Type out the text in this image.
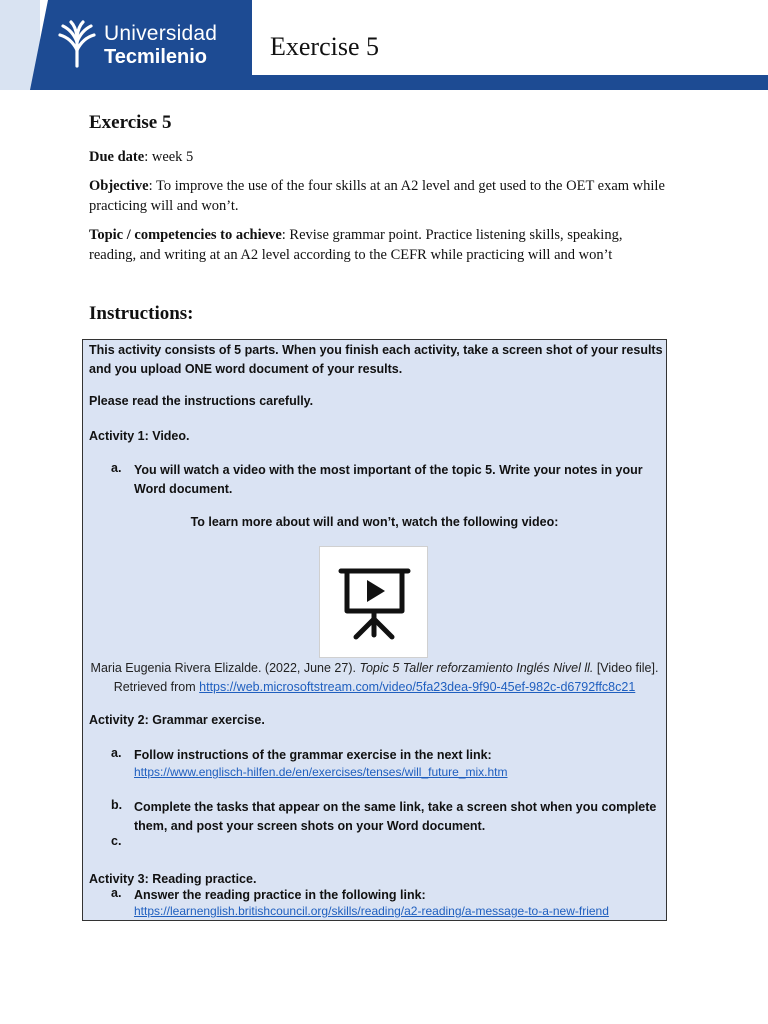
Universidad
Tecmilenio Exercise 5
Exercise 5
Due date: week 5
Objective: To improve the use of the four skills at an A2 level and get used to the OET exam while practicing will and won’t.
Topic / competencies to achieve: Revise grammar point. Practice listening skills, speaking, reading, and writing at an A2 level according to the CEFR while practicing will and won’t
Instructions:
This activity consists of 5 parts. When you finish each activity, take a screen shot of your results and you upload ONE word document of your results.
Please read the instructions carefully.
Activity 1: Video.
a. You will watch a video with the most important of the topic 5. Write your notes in your Word document.
To learn more about will and won’t, watch the following video:
Maria Eugenia Rivera Elizalde. (2022, June 27). Topic 5 Taller reforzamiento Inglés Nivel ll. [Video file].
Retrieved from https://web.microsoftstream.com/video/5fa23dea-9f90-45ef-982c-d6792ffc8c21
Activity 2: Grammar exercise.
a. Follow instructions of the grammar exercise in the next link:
https://www.englisch-hilfen.de/en/exercises/tenses/will_future_mix.htm
b. Complete the tasks that appear on the same link, take a screen shot when you complete them, and post your screen shots on your Word document.
c.
Activity 3: Reading practice.
a. Answer the reading practice in the following link:
https://learnenglish.britishcouncil.org/skills/reading/a2-reading/a-message-to-a-new-friend
